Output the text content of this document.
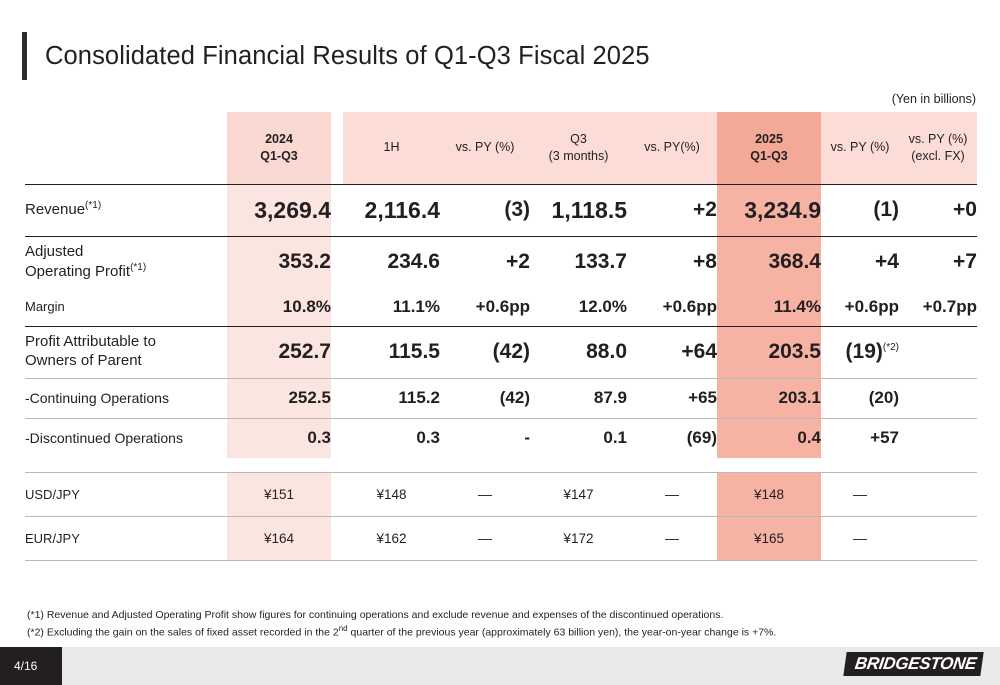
Consolidated Financial Results of Q1-Q3 Fiscal 2025
(Yen in billions)

2024
Q1-Q3
		1H	vs. PY (%)	
Q3
(3 months)
	vs. PY(%)	
2025
Q1-Q3
	vs. PY (%)	
vs. PY (%)
(excl. FX)

Revenue$^{(*1)}$	3,269.4		2,116.4	(3)	1,118.5	+2	3,234.9	(1)	+0

Adjusted
Operating Profit$^{(*1)}$	353.2		234.6	+2	133.7	+8	368.4	+4	+7
Margin	10.8%		11.1%	+0.6pp	12.0%	+0.6pp	11.4%	+0.6pp	+0.7pp

Profit Attributable to
Owners of Parent	252.7		115.5	(42)	88.0	+64	203.5	$(19)^{(*2)}$	
-Continuing Operations	252.5		115.2	(42)	87.9	+65	203.1	(20)	
-Discontinued Operations	0.3		0.3	-	0.1	(69)	0.4	+57	

USD/JPY	¥151		¥148	—	¥147	—	¥148	—	
EUR/JPY	¥164		¥162	—	¥172	—	¥165	—	

(*1) Revenue and Adjusted Operating Profit show figures for continuing operations and exclude revenue and expenses of the discontinued operations.
(*2) Excluding the gain on the sales of fixed asset recorded in the 2nd quarter of the previous year (approximately 63 billion yen), the year-on-year change is +7%.
4/16	BRIDGESTONE
